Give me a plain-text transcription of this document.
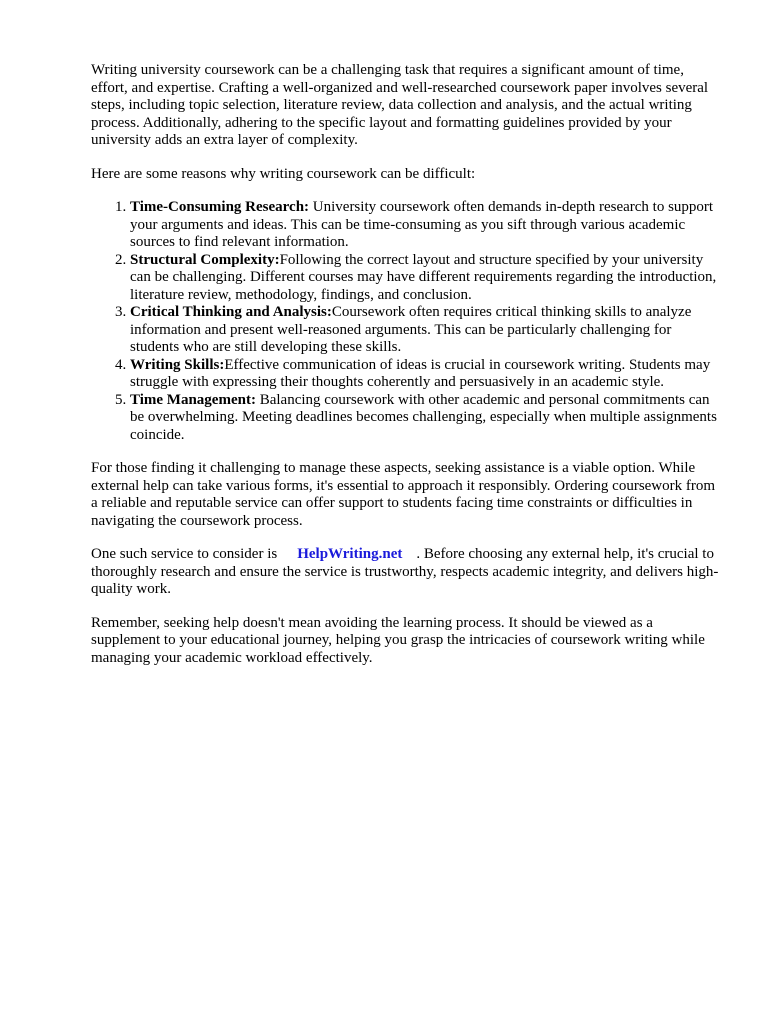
Writing university coursework can be a challenging task that requires a significant amount of time, effort, and expertise. Crafting a well-organized and well-researched coursework paper involves several steps, including topic selection, literature review, data collection and analysis, and the actual writing process. Additionally, adhering to the specific layout and formatting guidelines provided by your university adds an extra layer of complexity.

Here are some reasons why writing coursework can be difficult:

1. Time-Consuming Research: University coursework often demands in-depth research to support your arguments and ideas. This can be time-consuming as you sift through various academic sources to find relevant information.
2. Structural Complexity:Following the correct layout and structure specified by your university can be challenging. Different courses may have different requirements regarding the introduction, literature review, methodology, findings, and conclusion.
3. Critical Thinking and Analysis:Coursework often requires critical thinking skills to analyze information and present well-reasoned arguments. This can be particularly challenging for students who are still developing these skills.
4. Writing Skills:Effective communication of ideas is crucial in coursework writing. Students may struggle with expressing their thoughts coherently and persuasively in an academic style.
5. Time Management: Balancing coursework with other academic and personal commitments can be overwhelming. Meeting deadlines becomes challenging, especially when multiple assignments coincide.

For those finding it challenging to manage these aspects, seeking assistance is a viable option. While external help can take various forms, it's essential to approach it responsibly. Ordering coursework from a reliable and reputable service can offer support to students facing time constraints or difficulties in navigating the coursework process.

One such service to consider is HelpWriting.net . Before choosing any external help, it's crucial to thoroughly research and ensure the service is trustworthy, respects academic integrity, and delivers high-quality work.

Remember, seeking help doesn't mean avoiding the learning process. It should be viewed as a supplement to your educational journey, helping you grasp the intricacies of coursework writing while managing your academic workload effectively.
